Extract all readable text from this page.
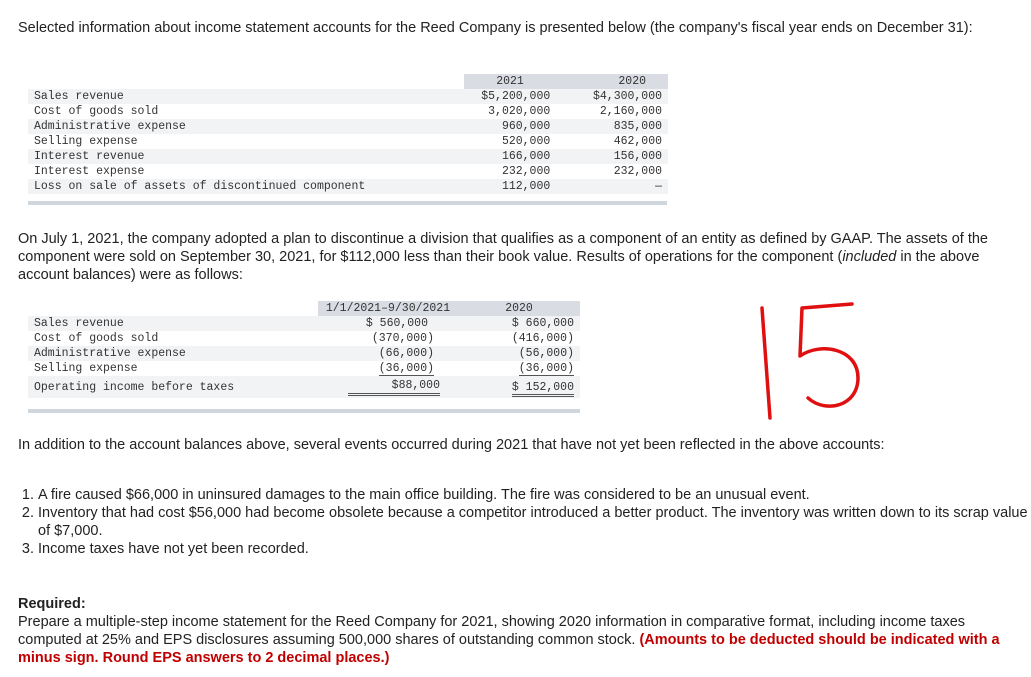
Selected information about income statement accounts for the Reed Company is presented below (the company's fiscal year ends on December 31):
	2021	2020
Sales revenue	$5,200,000	$4,300,000
Cost of goods sold	3,020,000	2,160,000
Administrative expense	960,000	835,000
Selling expense	520,000	462,000
Interest revenue	166,000	156,000
Interest expense	232,000	232,000
Loss on sale of assets of discontinued component	112,000	—
On July 1, 2021, the company adopted a plan to discontinue a division that qualifies as a component of an entity as defined by GAAP. The assets of the component were sold on September 30, 2021, for $112,000 less than their book value. Results of operations for the component (included in the above account balances) were as follows:
	1/1/2021–9/30/2021	2020
Sales revenue	$ 560,000	$ 660,000
Cost of goods sold	(370,000)	(416,000)
Administrative expense	(66,000)	(56,000)
Selling expense	(36,000)	(36,000)
Operating income before taxes	$ 88,000	$ 152,000
In addition to the account balances above, several events occurred during 2021 that have not yet been reflected in the above accounts:
1. A fire caused $66,000 in uninsured damages to the main office building. The fire was considered to be an unusual event.
2. Inventory that had cost $56,000 had become obsolete because a competitor introduced a better product. The inventory was written down to its scrap value of $7,000.
3. Income taxes have not yet been recorded.
Required:
Prepare a multiple-step income statement for the Reed Company for 2021, showing 2020 information in comparative format, including income taxes computed at 25% and EPS disclosures assuming 500,000 shares of outstanding common stock. (Amounts to be deducted should be indicated with a minus sign. Round EPS answers to 2 decimal places.)
